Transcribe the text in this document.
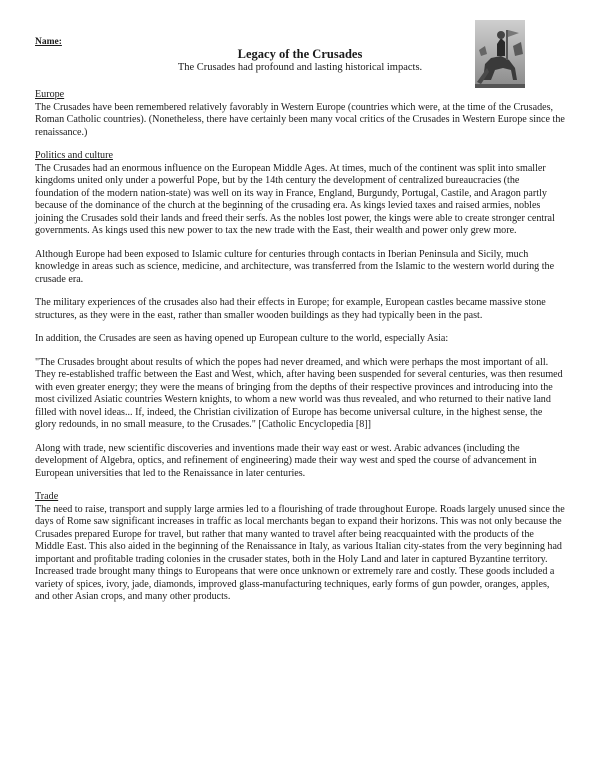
Name:
Legacy of the Crusades
The Crusades had profound and lasting historical impacts.
Europe

The Crusades have been remembered relatively favorably in Western Europe (countries which were, at the time of the Crusades, Roman Catholic countries). (Nonetheless, there have certainly been many vocal critics of the Crusades in Western Europe since the renaissance.)

Politics and culture

The Crusades had an enormous influence on the European Middle Ages. At times, much of the continent was split into smaller kingdoms united only under a powerful Pope, but by the 14th century the development of centralized bureaucracies (the foundation of the modern nation-state) was well on its way in France, England, Burgundy, Portugal, Castile, and Aragon partly because of the dominance of the church at the beginning of the crusading era. As kings levied taxes and raised armies, nobles joining the Crusades sold their lands and freed their serfs. As the nobles lost power, the kings were able to create stronger central governments. As kings used this new power to tax the new trade with the East, their wealth and power only grew more.

Although Europe had been exposed to Islamic culture for centuries through contacts in Iberian Peninsula and Sicily, much knowledge in areas such as science, medicine, and architecture, was transferred from the Islamic to the western world during the crusade era.

The military experiences of the crusades also had their effects in Europe; for example, European castles became massive stone structures, as they were in the east, rather than smaller wooden buildings as they had typically been in the past.

In addition, the Crusades are seen as having opened up European culture to the world, especially Asia:

"The Crusades brought about results of which the popes had never dreamed, and which were perhaps the most important of all. They re-established traffic between the East and West, which, after having been suspended for several centuries, was then resumed with even greater energy; they were the means of bringing from the depths of their respective provinces and introducing into the most civilized Asiatic countries Western knights, to whom a new world was thus revealed, and who returned to their native land filled with novel ideas... If, indeed, the Christian civilization of Europe has become universal culture, in the highest sense, the glory redounds, in no small measure, to the Crusades." [Catholic Encyclopedia [8]]

Along with trade, new scientific discoveries and inventions made their way east or west. Arabic advances (including the development of Algebra, optics, and refinement of engineering) made their way west and sped the course of advancement in European universities that led to the Renaissance in later centuries.

Trade

The need to raise, transport and supply large armies led to a flourishing of trade throughout Europe. Roads largely unused since the days of Rome saw significant increases in traffic as local merchants began to expand their horizons. This was not only because the Crusades prepared Europe for travel, but rather that many wanted to travel after being reacquainted with the products of the Middle East. This also aided in the beginning of the Renaissance in Italy, as various Italian city-states from the very beginning had important and profitable trading colonies in the crusader states, both in the Holy Land and later in captured Byzantine territory. Increased trade brought many things to Europeans that were once unknown or extremely rare and costly. These goods included a variety of spices, ivory, jade, diamonds, improved glass-manufacturing techniques, early forms of gun powder, oranges, apples, and other Asian crops, and many other products.
